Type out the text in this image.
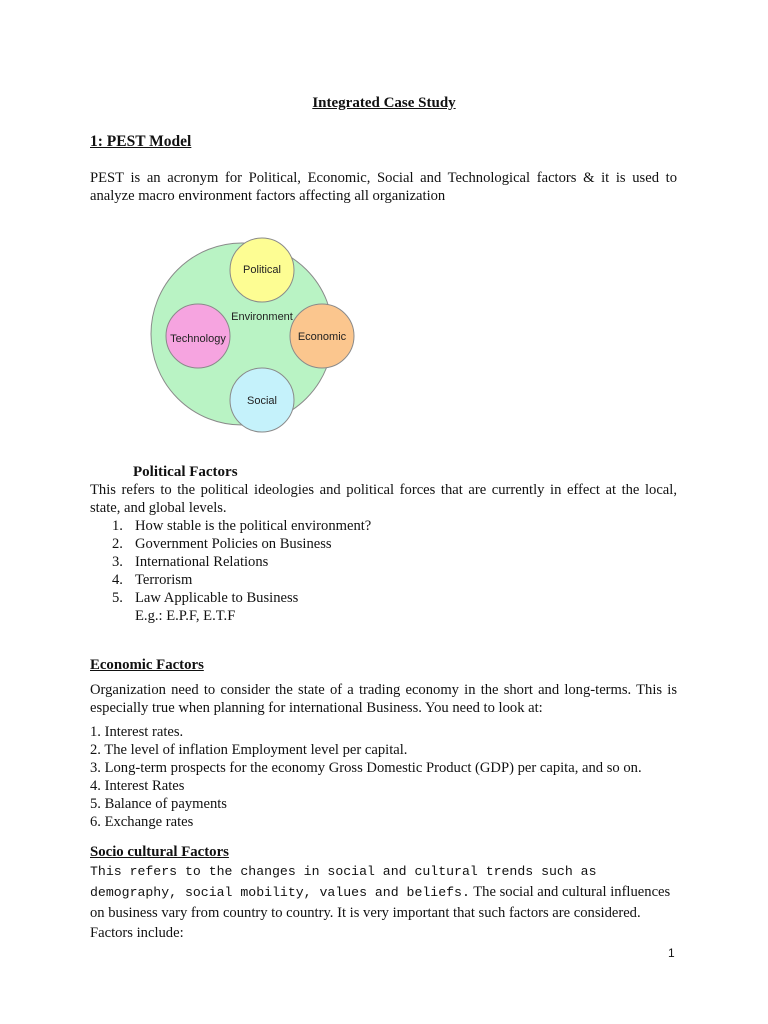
Integrated Case Study
1: PEST Model

PEST is an acronym for Political, Economic, Social and Technological factors & it is used to analyze macro environment factors affecting all organization

Political
Technology	Economic
Social
Environment
Political Factors

This refers to the political ideologies and political forces that are currently in effect at the local, state, and global levels.

1. How stable is the political environment?
2. Government Policies on Business
3. International Relations
4. Terrorism
5. Law Applicable to Business
E.g.: E.P.F, E.T.F
Economic Factors

Organization need to consider the state of a trading economy in the short and long-terms. This is especially true when planning for international Business. You need to look at:

1. Interest rates.
2. The level of inflation Employment level per capital.
3. Long-term prospects for the economy Gross Domestic Product (GDP) per capita, and so on.
4. Interest Rates
5. Balance of payments
6. Exchange rates
Socio cultural Factors

This refers to the changes in social and cultural trends such as demography, social mobility, values and beliefs. The social and cultural influences on business vary from country to country. It is very important that such factors are considered. Factors include:

1
